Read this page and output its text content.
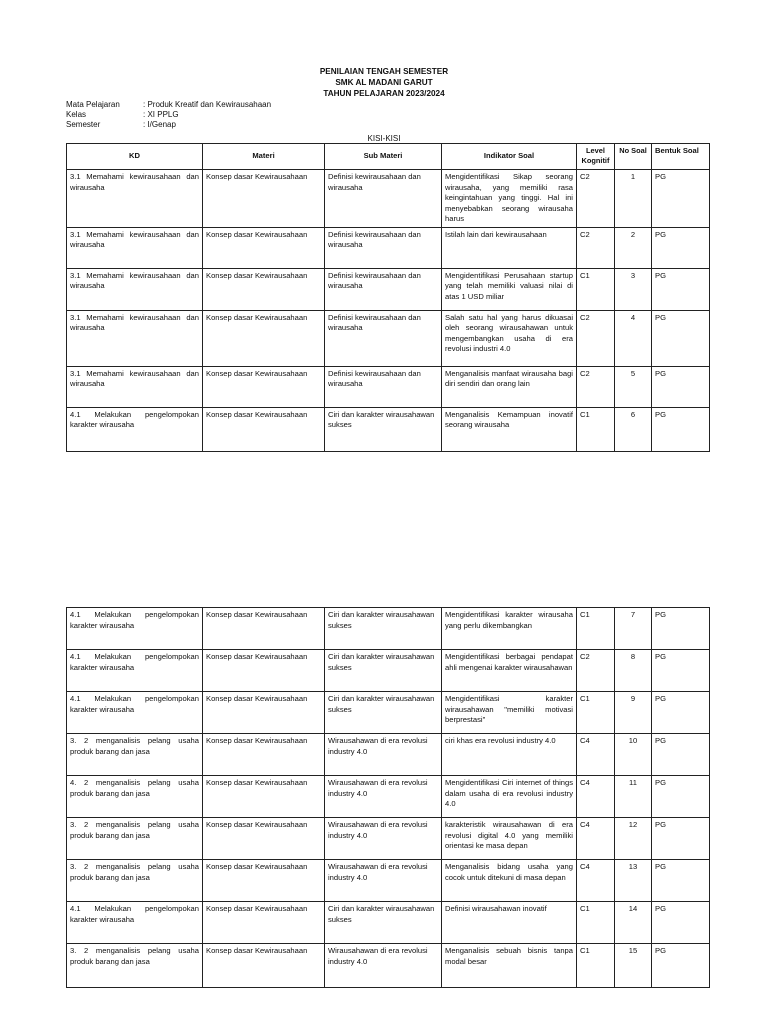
PENILAIAN TENGAH SEMESTER
SMK AL MADANI GARUT
TAHUN PELAJARAN 2023/2024
Mata Pelajaran	: Produk Kreatif dan Kewirausahaan
Kelas	: XI PPLG
Semester	: I/Genap
KISI-KISI
KD	Materi	Sub Materi	Indikator Soal	Level Kognitif	No Soal	Bentuk Soal
3.1 Memahami kewirausahaan dan wirausaha	Konsep dasar Kewirausahaan	Definisi kewirausahaan dan wirausaha	Mengidentifikasi Sikap seorang wirausaha, yang memiliki rasa keingintahuan yang tinggi. Hal ini menyebabkan seorang wirausaha harus	C2	1	PG
3.1 Memahami kewirausahaan dan wirausaha	Konsep dasar Kewirausahaan	Definisi kewirausahaan dan wirausaha	Istilah lain dari kewirausahaan	C2	2	PG
3.1 Memahami kewirausahaan dan wirausaha	Konsep dasar Kewirausahaan	Definisi kewirausahaan dan wirausaha	Mengidentifikasi Perusahaan startup yang telah memiliki valuasi nilai di atas 1 USD miliar	C1	3	PG
3.1 Memahami kewirausahaan dan wirausaha	Konsep dasar Kewirausahaan	Definisi kewirausahaan dan wirausaha	Salah satu hal yang harus dikuasai oleh seorang wirausahawan untuk mengembangkan usaha di era revolusi industri 4.0	C2	4	PG
3.1 Memahami kewirausahaan dan wirausaha	Konsep dasar Kewirausahaan	Definisi kewirausahaan dan wirausaha	Menganalisis manfaat wirausaha bagi diri sendiri dan orang lain	C2	5	PG
4.1 Melakukan pengelompokan karakter wirausaha	Konsep dasar Kewirausahaan	Ciri dan karakter wirausahawan sukses	Menganalisis Kemampuan inovatif seorang wirausaha	C1	6	PG
4.1 Melakukan pengelompokan karakter wirausaha	Konsep dasar Kewirausahaan	Ciri dan karakter wirausahawan sukses	Mengidentifikasi karakter wirausaha yang perlu dikembangkan	C1	7	PG
4.1 Melakukan pengelompokan karakter wirausaha	Konsep dasar Kewirausahaan	Ciri dan karakter wirausahawan sukses	Mengidentifikasi berbagai pendapat ahli mengenai karakter wirausahawan	C2	8	PG
4.1 Melakukan pengelompokan karakter wirausaha	Konsep dasar Kewirausahaan	Ciri dan karakter wirausahawan sukses	Mengidentifikasi karakter wirausahawan "memiliki motivasi berprestasi"	C1	9	PG
3. 2 menganalisis pelang usaha produk barang dan jasa	Konsep dasar Kewirausahaan	Wirausahawan di era revolusi industry 4.0	ciri khas era revolusi industry 4.0	C4	10	PG
4. 2 menganalisis pelang usaha produk barang dan jasa	Konsep dasar Kewirausahaan	Wirausahawan di era revolusi industry 4.0	Mengidentifikasi Ciri internet of things dalam usaha di era revolusi industry 4.0	C4	11	PG
3. 2 menganalisis pelang usaha produk barang dan jasa	Konsep dasar Kewirausahaan	Wirausahawan di era revolusi industry 4.0	karakteristik wirausahawan di era revolusi digital 4.0 yang memiliki orientasi ke masa depan	C4	12	PG
3. 2 menganalisis pelang usaha produk barang dan jasa	Konsep dasar Kewirausahaan	Wirausahawan di era revolusi industry 4.0	Menganalisis bidang usaha yang cocok untuk ditekuni di masa depan	C4	13	PG
4.1 Melakukan pengelompokan karakter wirausaha	Konsep dasar Kewirausahaan	Ciri dan karakter wirausahawan sukses	Definisi wirausahawan inovatif	C1	14	PG
3. 2 menganalisis pelang usaha produk barang dan jasa	Konsep dasar Kewirausahaan	Wirausahawan di era revolusi industry 4.0	Menganalisis sebuah bisnis tanpa modal besar	C1	15	PG
